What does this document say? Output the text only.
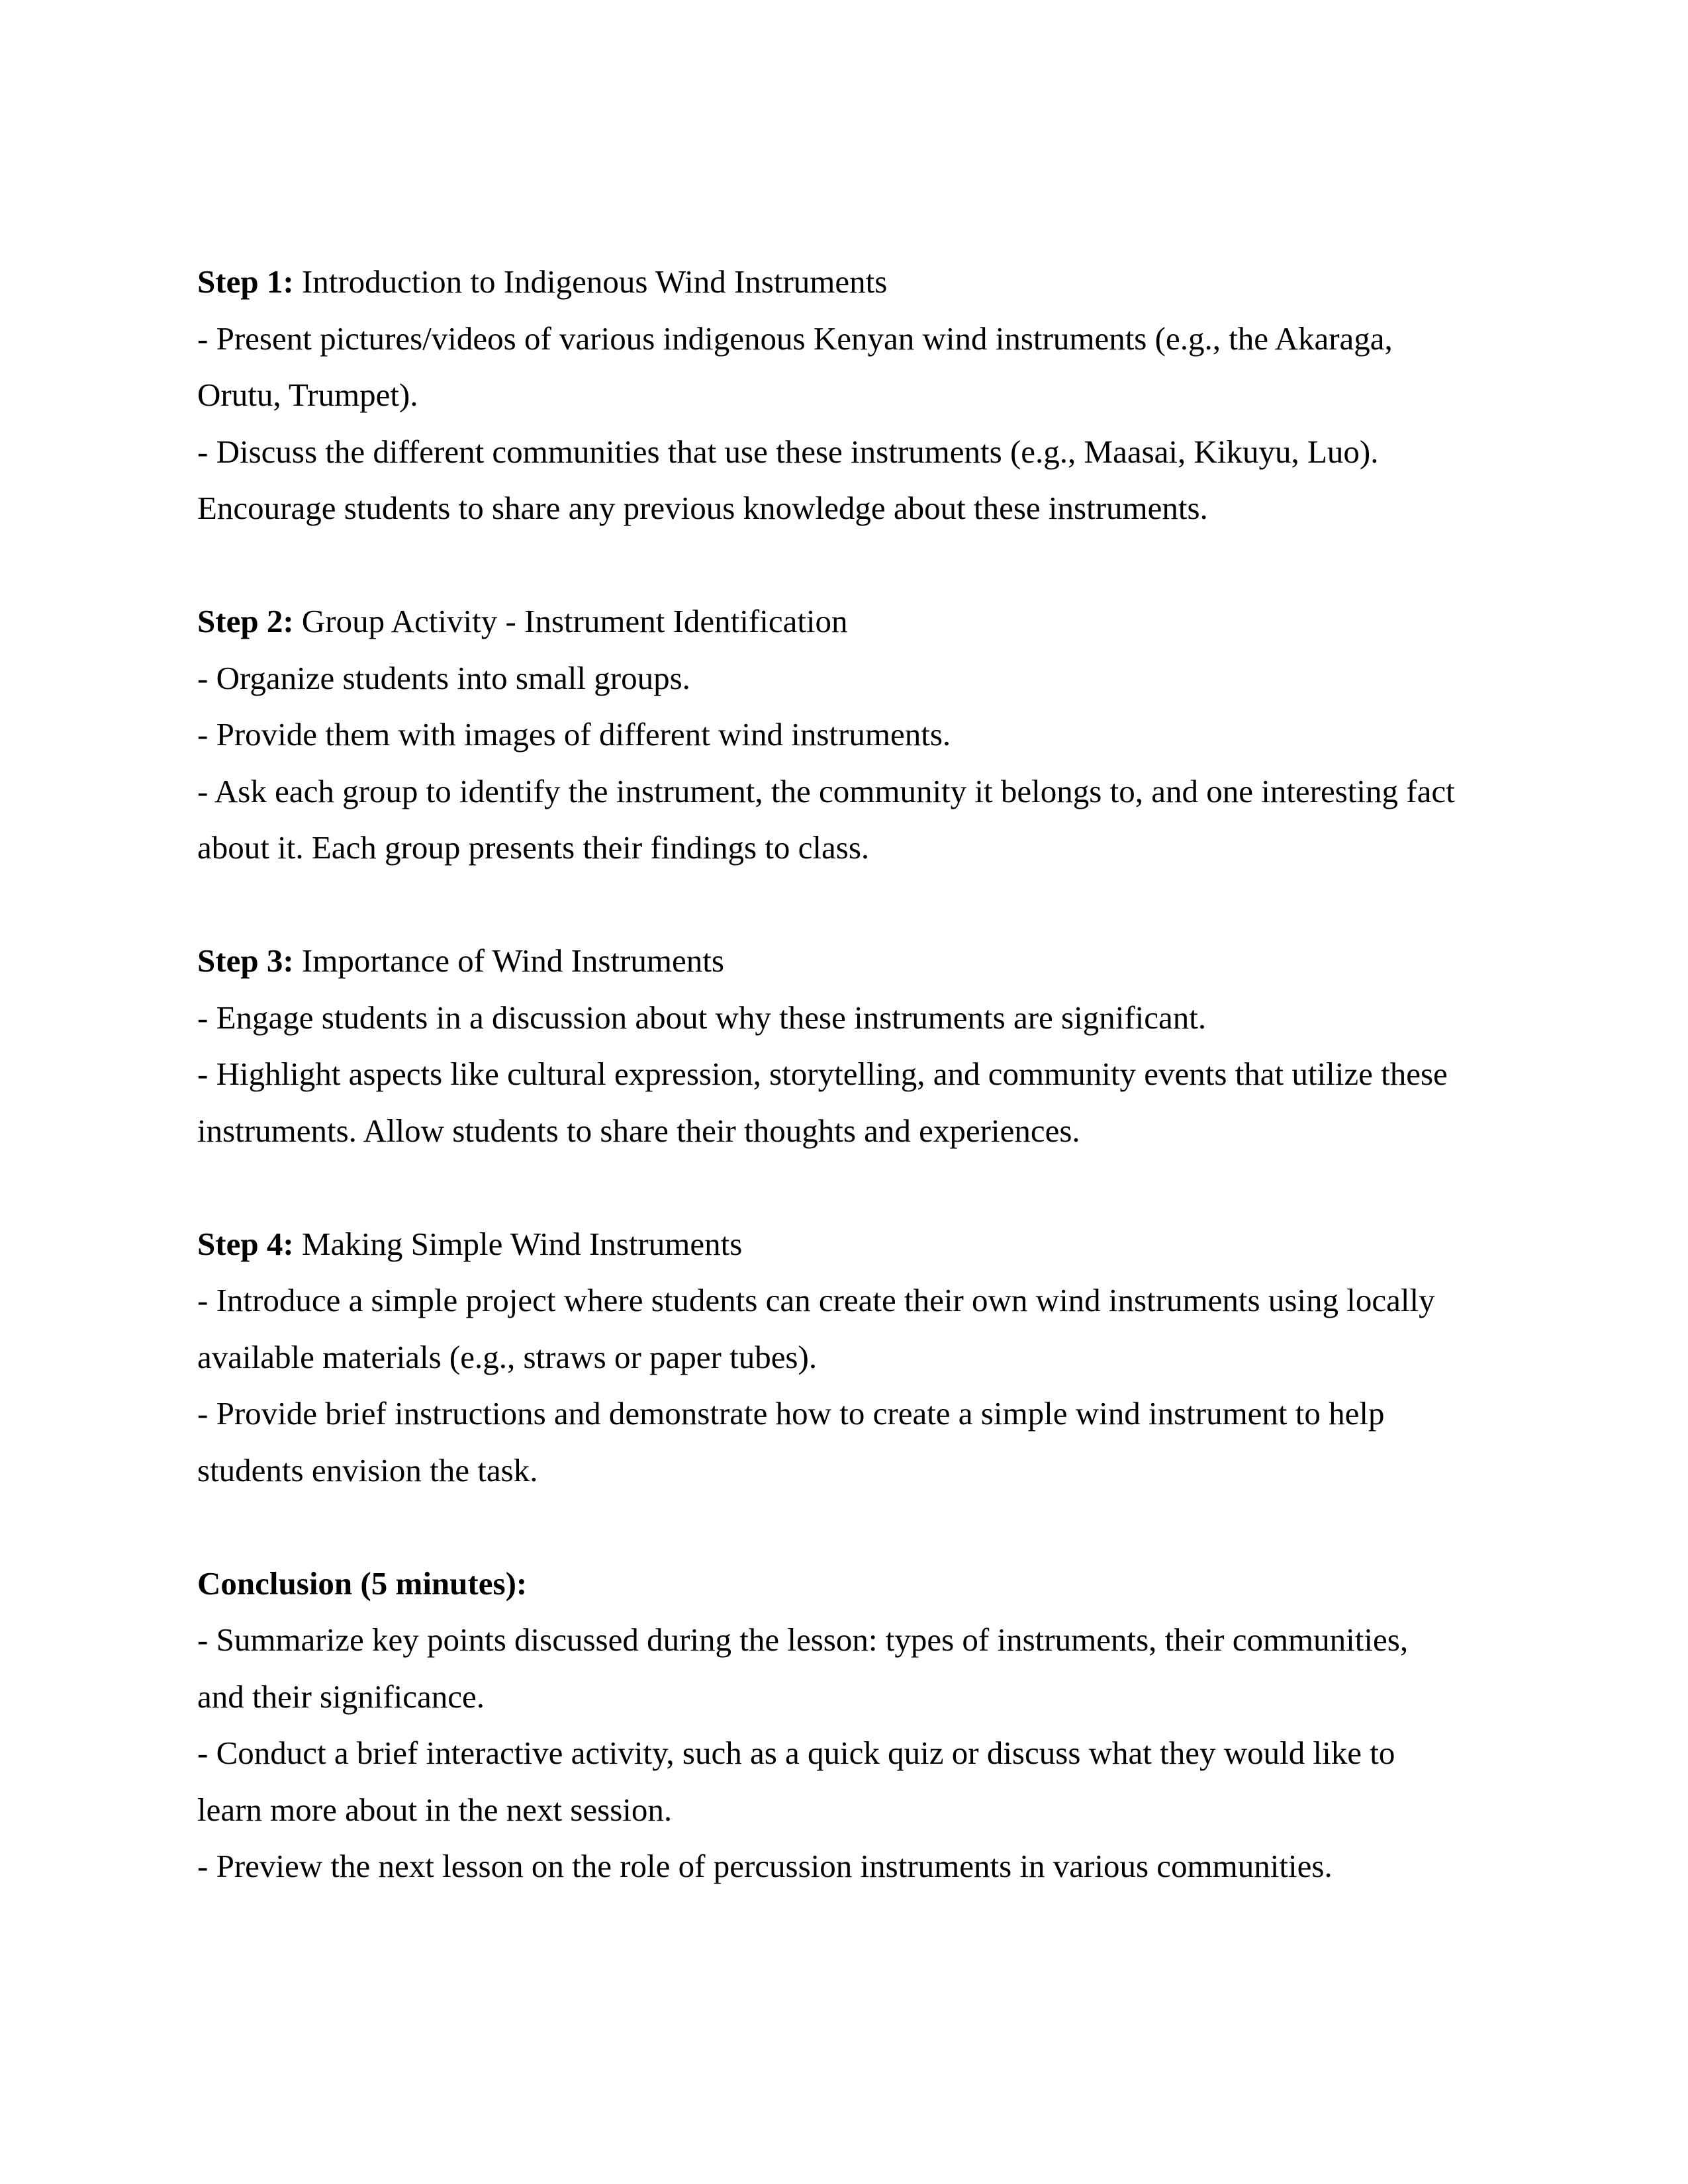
Step 1: Introduction to Indigenous Wind Instruments
- Present pictures/videos of various indigenous Kenyan wind instruments (e.g., the Akaraga,
Orutu, Trumpet).
- Discuss the different communities that use these instruments (e.g., Maasai, Kikuyu, Luo).
Encourage students to share any previous knowledge about these instruments.
Step 2: Group Activity - Instrument Identification
- Organize students into small groups.
- Provide them with images of different wind instruments.
- Ask each group to identify the instrument, the community it belongs to, and one interesting fact
about it. Each group presents their findings to class.
Step 3: Importance of Wind Instruments
- Engage students in a discussion about why these instruments are significant.
- Highlight aspects like cultural expression, storytelling, and community events that utilize these
instruments. Allow students to share their thoughts and experiences.
Step 4: Making Simple Wind Instruments
- Introduce a simple project where students can create their own wind instruments using locally
available materials (e.g., straws or paper tubes).
- Provide brief instructions and demonstrate how to create a simple wind instrument to help
students envision the task.
Conclusion (5 minutes):
- Summarize key points discussed during the lesson: types of instruments, their communities,
and their significance.
- Conduct a brief interactive activity, such as a quick quiz or discuss what they would like to
learn more about in the next session.
- Preview the next lesson on the role of percussion instruments in various communities.
